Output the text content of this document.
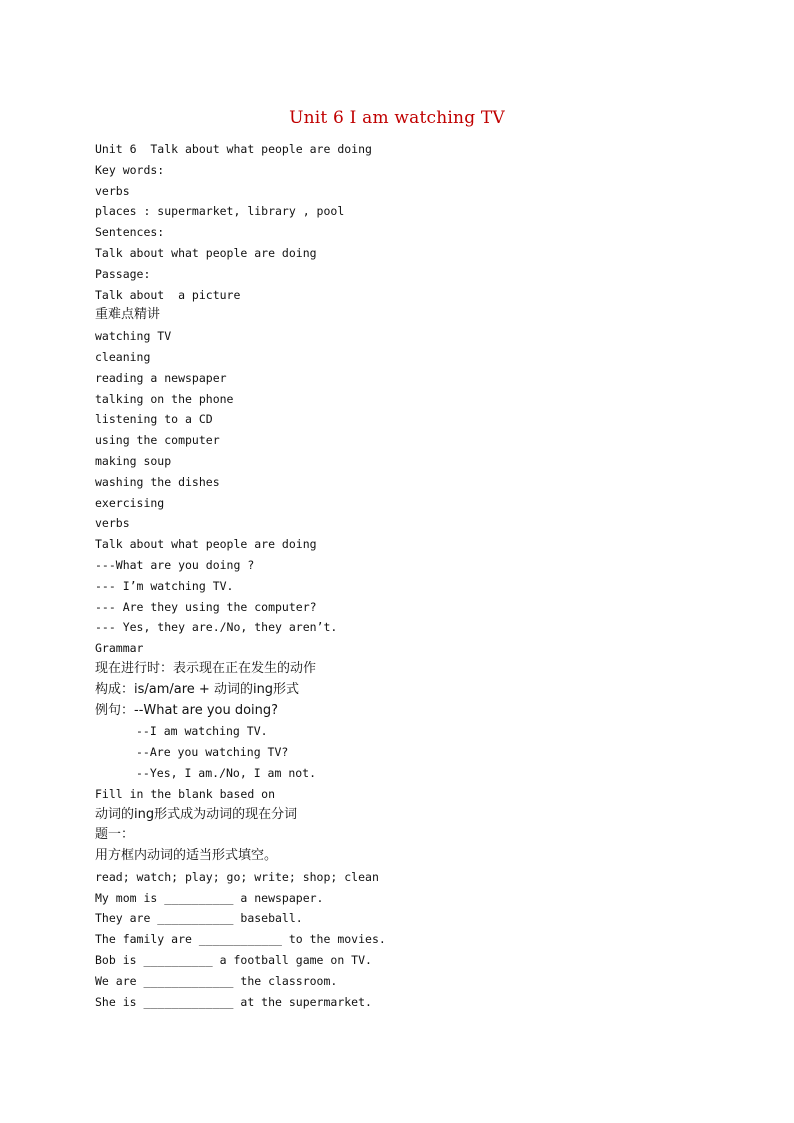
Unit 6 I am watching TV
Unit 6  Talk about what people are doing
Key words:
verbs
places : supermarket, library , pool
Sentences:
Talk about what people are doing
Passage:
Talk about  a picture
重难点精讲
watching TV
cleaning
reading a newspaper
talking on the phone
listening to a CD
using the computer
making soup
washing the dishes
exercising
verbs
Talk about what people are doing
---What are you doing ?
--- I’m watching TV.
--- Are they using the computer?
--- Yes, they are./No, they aren’t.
Grammar
现在进行时：表示现在正在发生的动作
构成：is/am/are + 动词的ing形式
例句：--What are you doing?
--I am watching TV.
--Are you watching TV?
--Yes, I am./No, I am not.
Fill in the blank based on
动词的ing形式成为动词的现在分词
题一：
用方框内动词的适当形式填空。
read; watch; play; go; write; shop; clean
My mom is __________ a newspaper.
They are ___________ baseball.
The family are ____________ to the movies.
Bob is __________ a football game on TV.
We are _____________ the classroom.
She is _____________ at the supermarket.
